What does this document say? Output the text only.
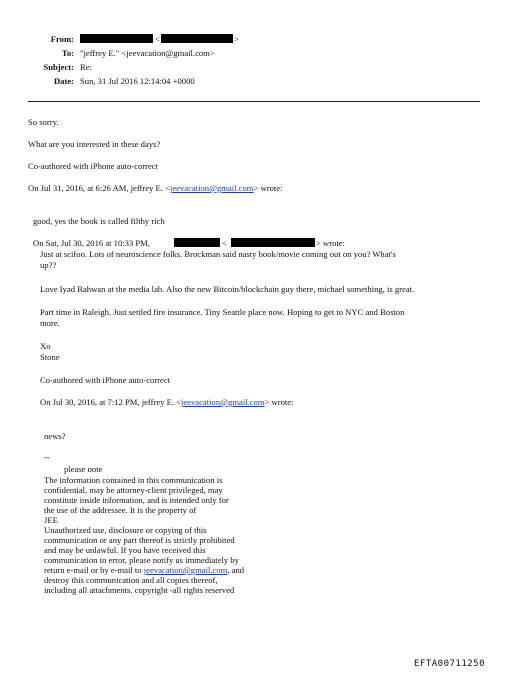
From:	<	>
To: "jeffrey E." <jeevacation@gmail.com>
Subject: Re:
Date: Sun, 31 Jul 2016 12:14:04 +0000
So sorry.
What are you interested in these days?
Co-authored with iPhone auto-correct
On Jul 31, 2016, at 6:26 AM, jeffrey E. <jeevacation@gmail.com> wrote:
good, yes the book is called filthy rich
On Sat, Jul 30, 2016 at 10:33 PM,	<	> wrote:
Just at scifoo. Lots of neuroscience folks. Brockman said nasty book/movie coming out on you? What's
up??
Love Iyad Rahwan at the media lab. Also the new Bitcoin/blockchain guy there, michael something, is great.
Part time in Raleigh. Just settled fire insurance. Tiny Seattle place now. Hoping to get to NYC and Boston
more.
Xo
Stone
Co-authored with iPhone auto-correct
On Jul 30, 2016, at 7:12 PM, jeffrey E. <jeevacation@gmail.com> wrote:
news?
--
please note
The information contained in this communication is
confidential, may be attorney-client privileged, may
constitute inside information, and is intended only for
the use of the addressee. It is the property of
JEE
Unauthorized use, disclosure or copying of this
communication or any part thereof is strictly prohibited
and may be unlawful. If you have received this
communication in error, please notify us immediately by
return e-mail or by e-mail to jeevacation@gmail.com, and
destroy this communication and all copies thereof,
including all attachments. copyright -all rights reserved
EFTA00711250
